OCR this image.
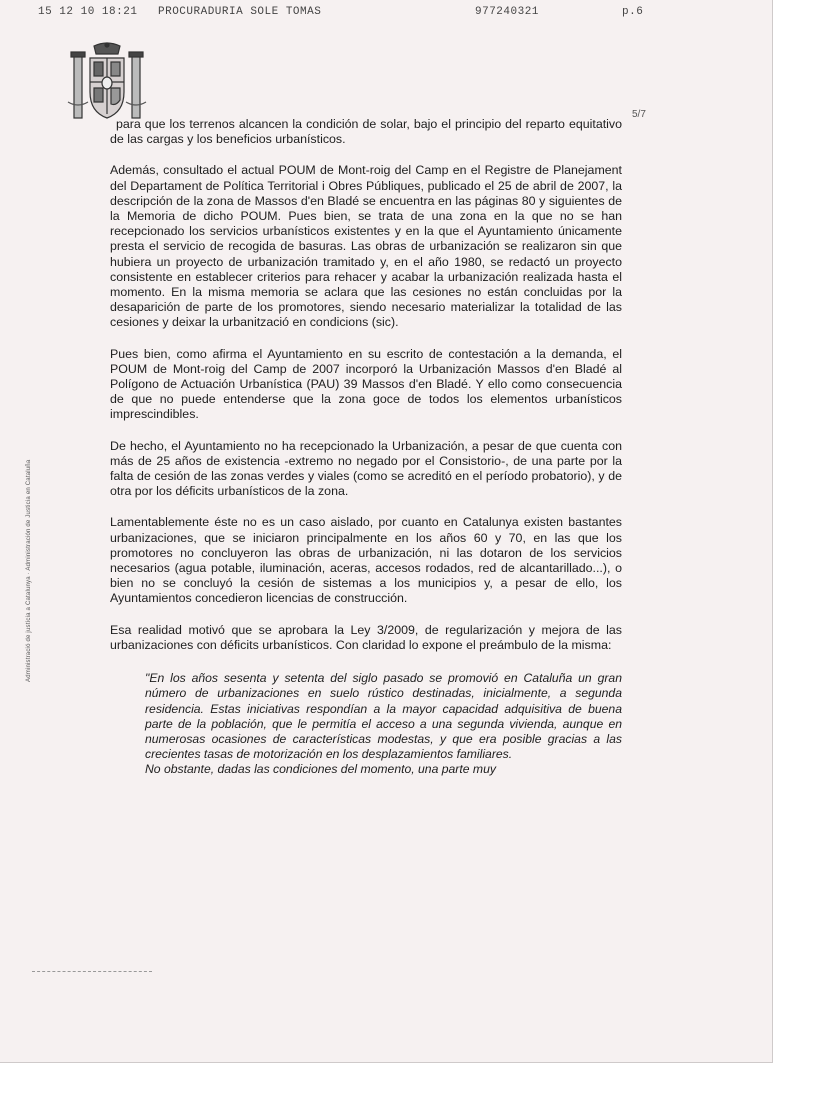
15 12 10 18:21 PROCURADURIA SOLE TOMAS	977240321	p.6
5/7
Administració de justícia a Catalunya · Administración de Justicia en Cataluña

para que los terrenos alcancen la condición de solar, bajo el principio del reparto equitativo de las cargas y los beneficios urbanísticos.

Además, consultado el actual POUM de Mont-roig del Camp en el Registre de Planejament del Departament de Política Territorial i Obres Públiques, publicado el 25 de abril de 2007, la descripción de la zona de Massos d'en Bladé se encuentra en las páginas 80 y siguientes de la Memoria de dicho POUM. Pues bien, se trata de una zona en la que no se han recepcionado los servicios urbanísticos existentes y en la que el Ayuntamiento únicamente presta el servicio de recogida de basuras. Las obras de urbanización se realizaron sin que hubiera un proyecto de urbanización tramitado y, en el año 1980, se redactó un proyecto consistente en establecer criterios para rehacer y acabar la urbanización realizada hasta el momento. En la misma memoria se aclara que las cesiones no están concluidas por la desaparición de parte de los promotores, siendo necesario materializar la totalidad de las cesiones y deixar la urbanització en condicions (sic).

Pues bien, como afirma el Ayuntamiento en su escrito de contestación a la demanda, el POUM de Mont-roig del Camp de 2007 incorporó la Urbanización Massos d'en Bladé al Polígono de Actuación Urbanística (PAU) 39 Massos d'en Bladé. Y ello como consecuencia de que no puede entenderse que la zona goce de todos los elementos urbanísticos imprescindibles.

De hecho, el Ayuntamiento no ha recepcionado la Urbanización, a pesar de que cuenta con más de 25 años de existencia -extremo no negado por el Consistorio-, de una parte por la falta de cesión de las zonas verdes y viales (como se acreditó en el período probatorio), y de otra por los déficits urbanísticos de la zona.

Lamentablemente éste no es un caso aislado, por cuanto en Catalunya existen bastantes urbanizaciones, que se iniciaron principalmente en los años 60 y 70, en las que los promotores no concluyeron las obras de urbanización, ni las dotaron de los servicios necesarios (agua potable, iluminación, aceras, accesos rodados, red de alcantarillado...), o bien no se concluyó la cesión de sistemas a los municipios y, a pesar de ello, los Ayuntamientos concedieron licencias de construcción.

Esa realidad motivó que se aprobara la Ley 3/2009, de regularización y mejora de las urbanizaciones con déficits urbanísticos. Con claridad lo expone el preámbulo de la misma:

"En los años sesenta y setenta del siglo pasado se promovió en Cataluña un gran número de urbanizaciones en suelo rústico destinadas, inicialmente, a segunda residencia. Estas iniciativas respondían a la mayor capacidad adquisitiva de buena parte de la población, que le permitía el acceso a una segunda vivienda, aunque en numerosas ocasiones de características modestas, y que era posible gracias a las crecientes tasas de motorización en los desplazamientos familiares.

No obstante, dadas las condiciones del momento, una parte muy
